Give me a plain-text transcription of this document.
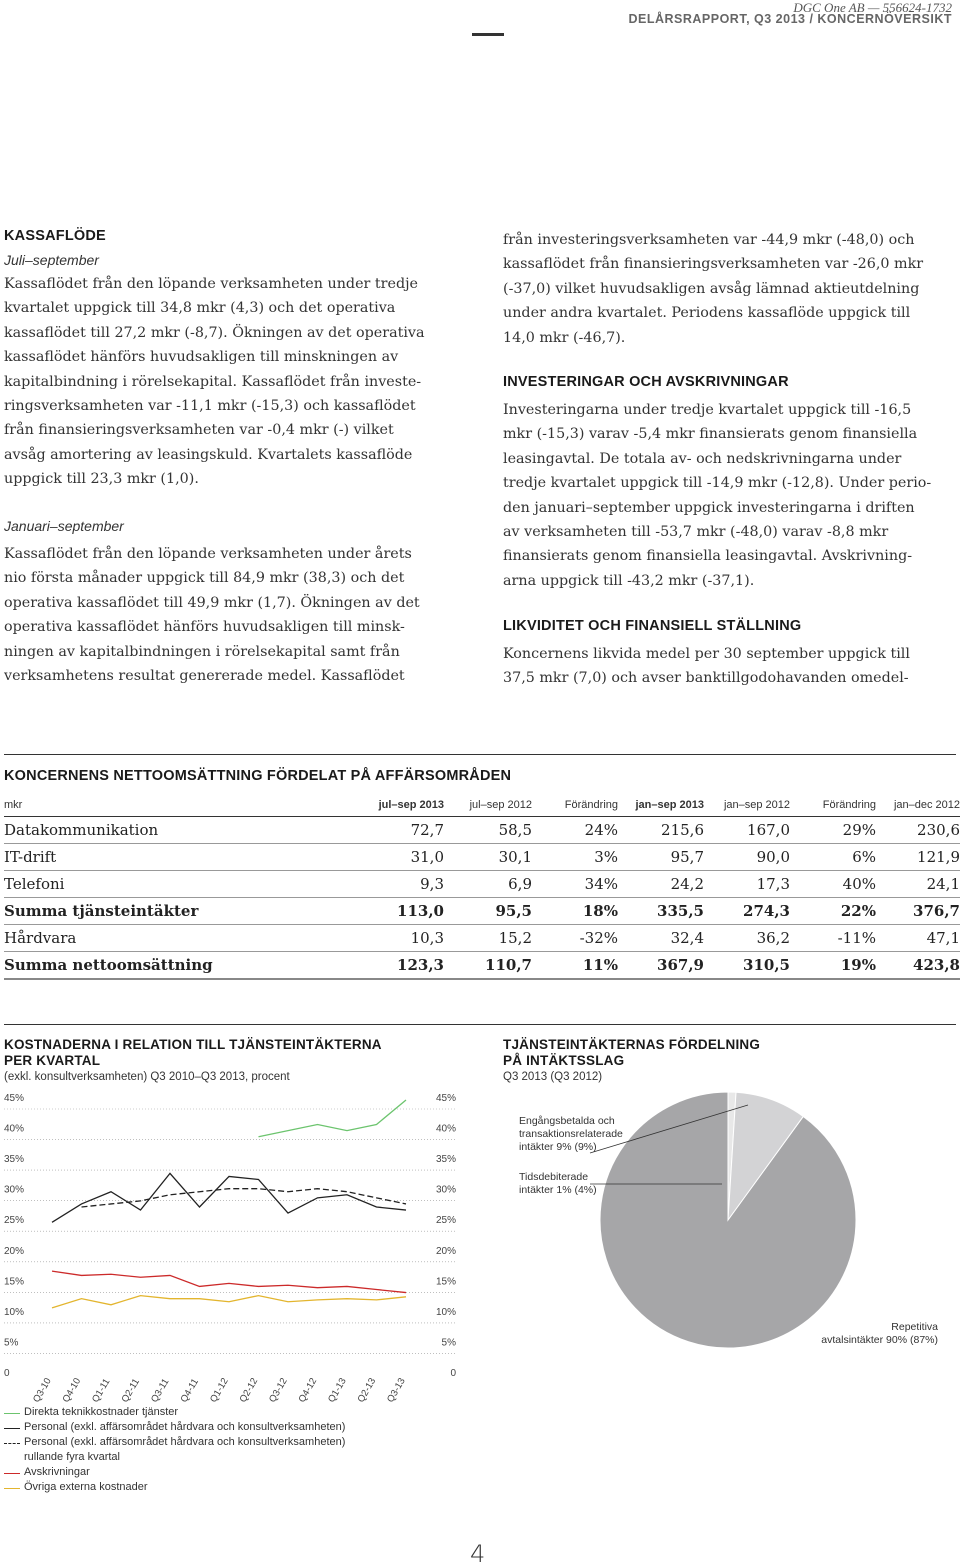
DGC One AB — 556624-1732
DELÅRSRAPPORT, Q3 2013 / KONCERNÖVERSIKT
KASSAFLÖDE
Juli–september
Kassaflödet från den löpande verksamheten under tredje
kvartalet uppgick till 34,8 mkr (4,3) och det operativa
kassaflödet till 27,2 mkr (-8,7). Ökningen av det operativa
kassaflödet hänförs huvudsakligen till minskningen av
kapitalbindning i rörelsekapital. Kassaflödet från investe-
ringsverksamheten var -11,1 mkr (-15,3) och kassaflödet
från finansieringsverksamheten var -0,4 mkr (-) vilket
avsåg amortering av leasingskuld. Kvartalets kassaflöde
uppgick till 23,3 mkr (1,0).
Januari–september
Kassaflödet från den löpande verksamheten under årets
nio första månader uppgick till 84,9 mkr (38,3) och det
operativa kassaflödet till 49,9 mkr (1,7). Ökningen av det
operativa kassaflödet hänförs huvudsakligen till minsk-
ningen av kapitalbindningen i rörelsekapital samt från
verksamhetens resultat genererade medel. Kassaflödet
från investeringsverksamheten var -44,9 mkr (-48,0) och
kassaflödet från finansieringsverksamheten var -26,0 mkr
(-37,0) vilket huvudsakligen avsåg lämnad aktieutdelning
under andra kvartalet. Periodens kassaflöde uppgick till
14,0 mkr (-46,7).
INVESTERINGAR OCH AVSKRIVNINGAR
Investeringarna under tredje kvartalet uppgick till -16,5
mkr (-15,3) varav -5,4 mkr finansierats genom finansiella
leasingavtal. De totala av- och nedskrivningarna under
tredje kvartalet uppgick till -14,9 mkr (-12,8). Under perio-
den januari–september uppgick investeringarna i driften
av verksamheten till -53,7 mkr (-48,0) varav -8,8 mkr
finansierats genom finansiella leasingavtal. Avskrivning-
arna uppgick till -43,2 mkr (-37,1).
LIKVIDITET OCH FINANSIELL STÄLLNING
Koncernens likvida medel per 30 september uppgick till
37,5 mkr (7,0) och avser banktillgodohavanden omedel-
KONCERNENS NETTOOMSÄTTNING FÖRDELAT PÅ AFFÄRSOMRÅDEN
mkr	jul–sep 2013	jul–sep 2012	Förändring	jan–sep 2013	jan–sep 2012	Förändring	jan–dec 2012
Datakommunikation	72,7	58,5	24%	215,6	167,0	29%	230,6
IT-drift	31,0	30,1	3%	95,7	90,0	6%	121,9
Telefoni	9,3	6,9	34%	24,2	17,3	40%	24,1
Summa tjänsteintäkter	113,0	95,5	18%	335,5	274,3	22%	376,7
Hårdvara	10,3	15,2	-32%	32,4	36,2	-11%	47,1
Summa nettoomsättning	123,3	110,7	11%	367,9	310,5	19%	423,8
KOSTNADERNA I RELATION TILL TJÄNSTEINTÄKTERNA
PER KVARTAL
(exkl. konsultverksamheten) Q3 2010–Q3 2013, procent
TJÄNSTEINTÄKTERNAS FÖRDELNING
PÅ INTÄKTSSLAG
Q3 2013 (Q3 2012)
0	0
5%	5%
10%	10%
15%	15%
20%	20%
25%	25%
30%	30%
35%	35%
40%	40%
45%	45%
Q3-10 Q4-10 Q1-11 Q2-11 Q3-11 Q4-11 Q1-12 Q2-12 Q3-12 Q4-12 Q1-13 Q2-13 Q3-13
Direkta teknikkostnader tjänster
Personal (exkl. affärsområdet hårdvara och konsultverksamheten)
Personal (exkl. affärsområdet hårdvara och konsultverksamheten)
rullande fyra kvartal
Avskrivningar
Övriga externa kostnader
Engångsbetalda och
transaktionsrelaterade
intäkter 9% (9%)
Tidsdebiterade
intäkter 1% (4%)
Repetitiva
avtalsintäkter 90% (87%)
4
